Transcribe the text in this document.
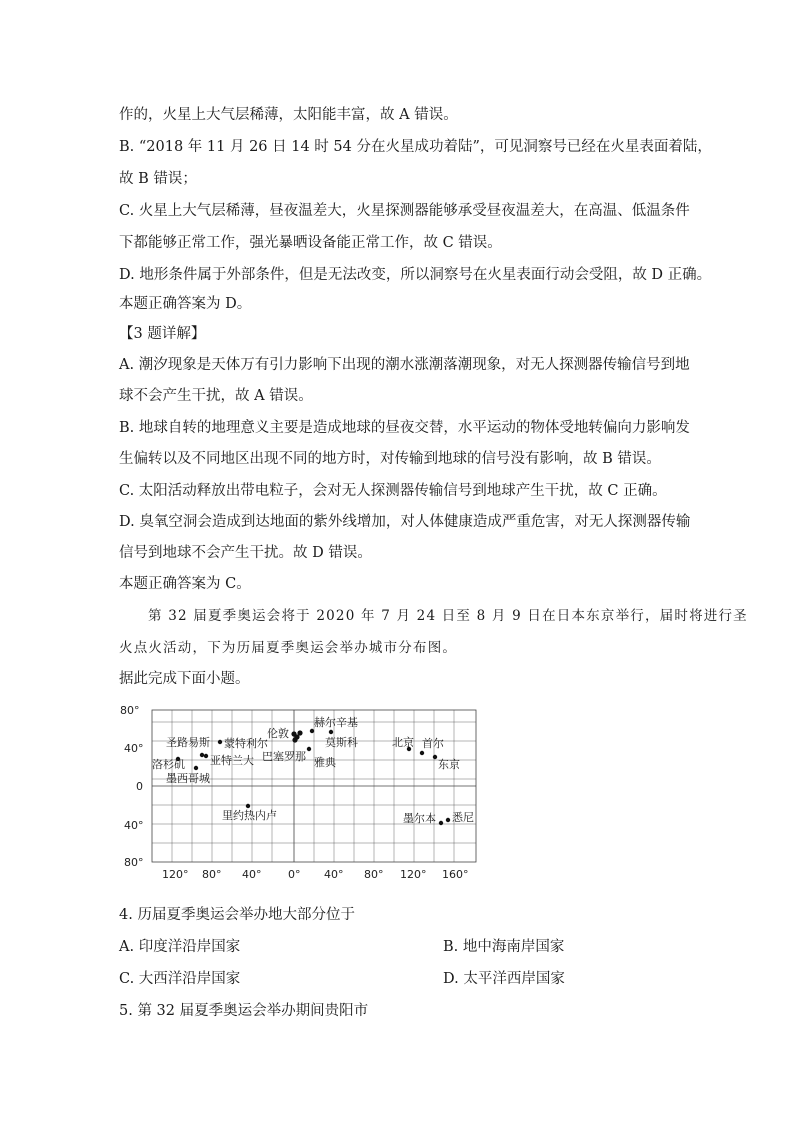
作的，火星上大气层稀薄，太阳能丰富，故 A 错误。
B. “2018 年 11 月 26 日 14 时 54 分在火星成功着陆”，可见洞察号已经在火星表面着陆，
故 B 错误；
C. 火星上大气层稀薄，昼夜温差大，火星探测器能够承受昼夜温差大，在高温、低温条件
下都能够正常工作，强光暴晒设备能正常工作，故 C 错误。
D. 地形条件属于外部条件，但是无法改变，所以洞察号在火星表面行动会受阻，故 D 正确。
本题正确答案为 D。
【3 题详解】
A. 潮汐现象是天体万有引力影响下出现的潮水涨潮落潮现象，对无人探测器传输信号到地
球不会产生干扰，故 A 错误。
B. 地球自转的地理意义主要是造成地球的昼夜交替，水平运动的物体受地转偏向力影响发
生偏转以及不同地区出现不同的地方时，对传输到地球的信号没有影响，故 B 错误。
C. 太阳活动释放出带电粒子，会对无人探测器传输信号到地球产生干扰，故 C 正确。
D. 臭氧空洞会造成到达地面的紫外线增加，对人体健康造成严重危害，对无人探测器传输
信号到地球不会产生干扰。故 D 错误。
本题正确答案为 C。
第 32 届夏季奥运会将于 2020 年 7 月 24 日至 8 月 9 日在日本东京举行，届时将进行圣
火点火活动，下为历届夏季奥运会举办城市分布图。
据此完成下面小题。
80°
40°
0
40°
80°
120° 80° 40° 0° 40° 80° 120° 160°
圣路易斯 蒙特利尔
伦敦
赫尔辛基
莫斯科	北京 首尔
洛杉矶 亚特兰大 巴塞罗那 雅典	东京
墨西哥城
里约热内卢	墨尔本 悉尼
4. 历届夏季奥运会举办地大部分位于
A. 印度洋沿岸国家	B. 地中海南岸国家
C. 大西洋沿岸国家	D. 太平洋西岸国家
5. 第 32 届夏季奥运会举办期间贵阳市
